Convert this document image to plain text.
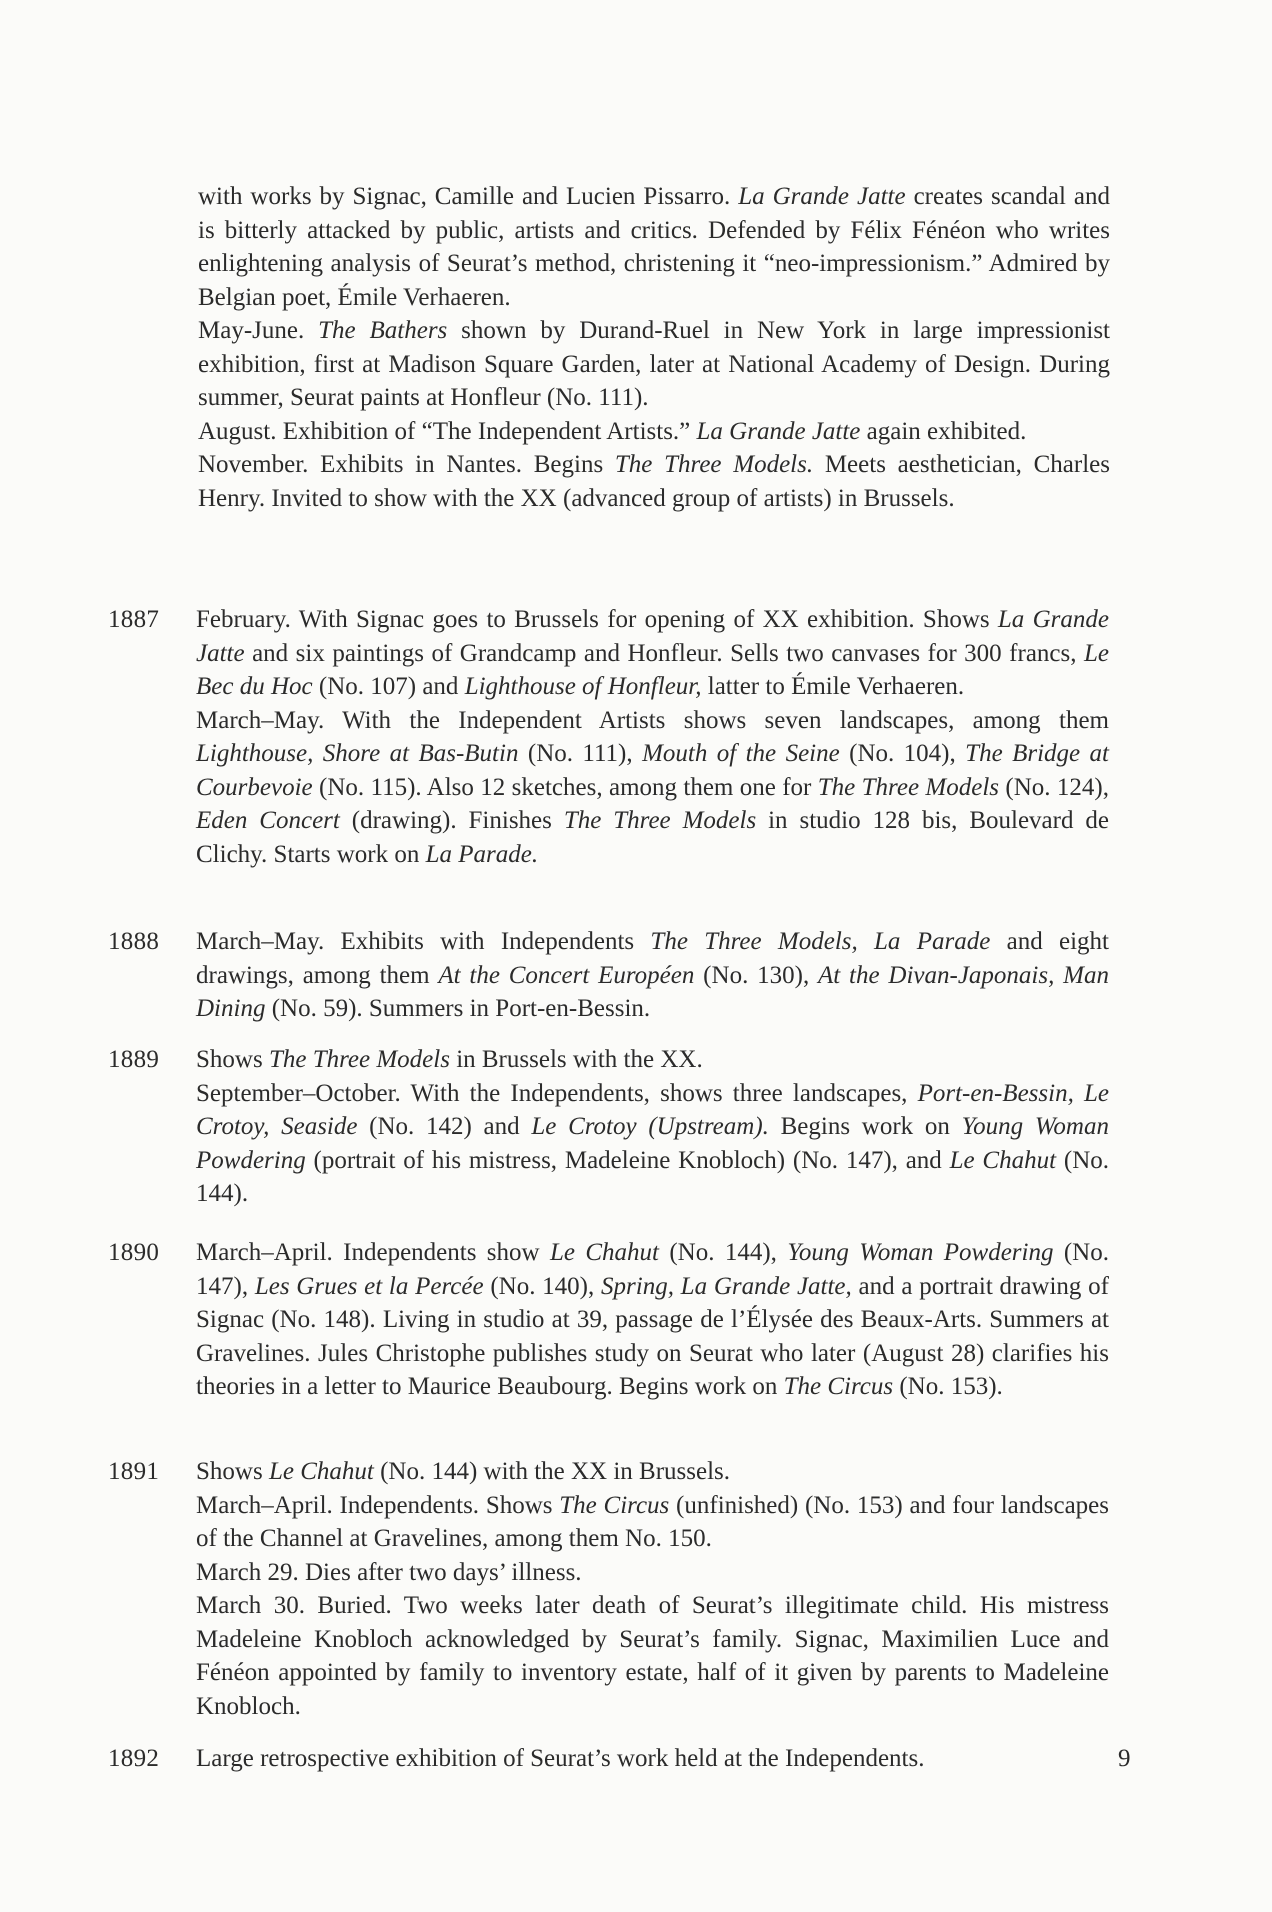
with works by Signac, Camille and Lucien Pissarro. La Grande Jatte creates scandal and is bitterly attacked by public, artists and critics. Defended by Félix Fénéon who writes enlightening analysis of Seurat’s method, christening it “neo-impressionism.” Admired by Belgian poet, Émile Verhaeren.
May-June. The Bathers shown by Durand-Ruel in New York in large impressionist exhibition, first at Madison Square Garden, later at National Academy of Design. During summer, Seurat paints at Honfleur (No. 111).
August. Exhibition of “The Independent Artists.” La Grande Jatte again exhibited.
November. Exhibits in Nantes. Begins The Three Models. Meets aesthetician, Charles Henry. Invited to show with the XX (advanced group of artists) in Brussels.
1887 February. With Signac goes to Brussels for opening of XX exhibition. Shows La Grande Jatte and six paintings of Grandcamp and Honfleur. Sells two canvases for 300 francs, Le Bec du Hoc (No. 107) and Lighthouse of Honfleur, latter to Émile Verhaeren.
March–May. With the Independent Artists shows seven landscapes, among them Lighthouse, Shore at Bas-Butin (No. 111), Mouth of the Seine (No. 104), The Bridge at Courbevoie (No. 115). Also 12 sketches, among them one for The Three Models (No. 124), Eden Concert (drawing). Finishes The Three Models in studio 128 bis, Boulevard de Clichy. Starts work on La Parade.
1888 March–May. Exhibits with Independents The Three Models, La Parade and eight drawings, among them At the Concert Européen (No. 130), At the Divan-Japonais, Man Dining (No. 59). Summers in Port-en-Bessin.
1889 Shows The Three Models in Brussels with the XX.
September–October. With the Independents, shows three landscapes, Port-en-Bessin, Le Crotoy, Seaside (No. 142) and Le Crotoy (Upstream). Begins work on Young Woman Powdering (portrait of his mistress, Madeleine Knobloch) (No. 147), and Le Chahut (No. 144).
1890 March–April. Independents show Le Chahut (No. 144), Young Woman Powdering (No. 147), Les Grues et la Percée (No. 140), Spring, La Grande Jatte, and a portrait drawing of Signac (No. 148). Living in studio at 39, passage de l’Élysée des Beaux-Arts. Summers at Gravelines. Jules Christophe publishes study on Seurat who later (August 28) clarifies his theories in a letter to Maurice Beaubourg. Begins work on The Circus (No. 153).
1891 Shows Le Chahut (No. 144) with the XX in Brussels.
March–April. Independents. Shows The Circus (unfinished) (No. 153) and four landscapes of the Channel at Gravelines, among them No. 150.
March 29. Dies after two days’ illness.
March 30. Buried. Two weeks later death of Seurat’s illegitimate child. His mistress Madeleine Knobloch acknowledged by Seurat’s family. Signac, Maximilien Luce and Fénéon appointed by family to inventory estate, half of it given by parents to Madeleine Knobloch.
1892 Large retrospective exhibition of Seurat’s work held at the Independents.	9
